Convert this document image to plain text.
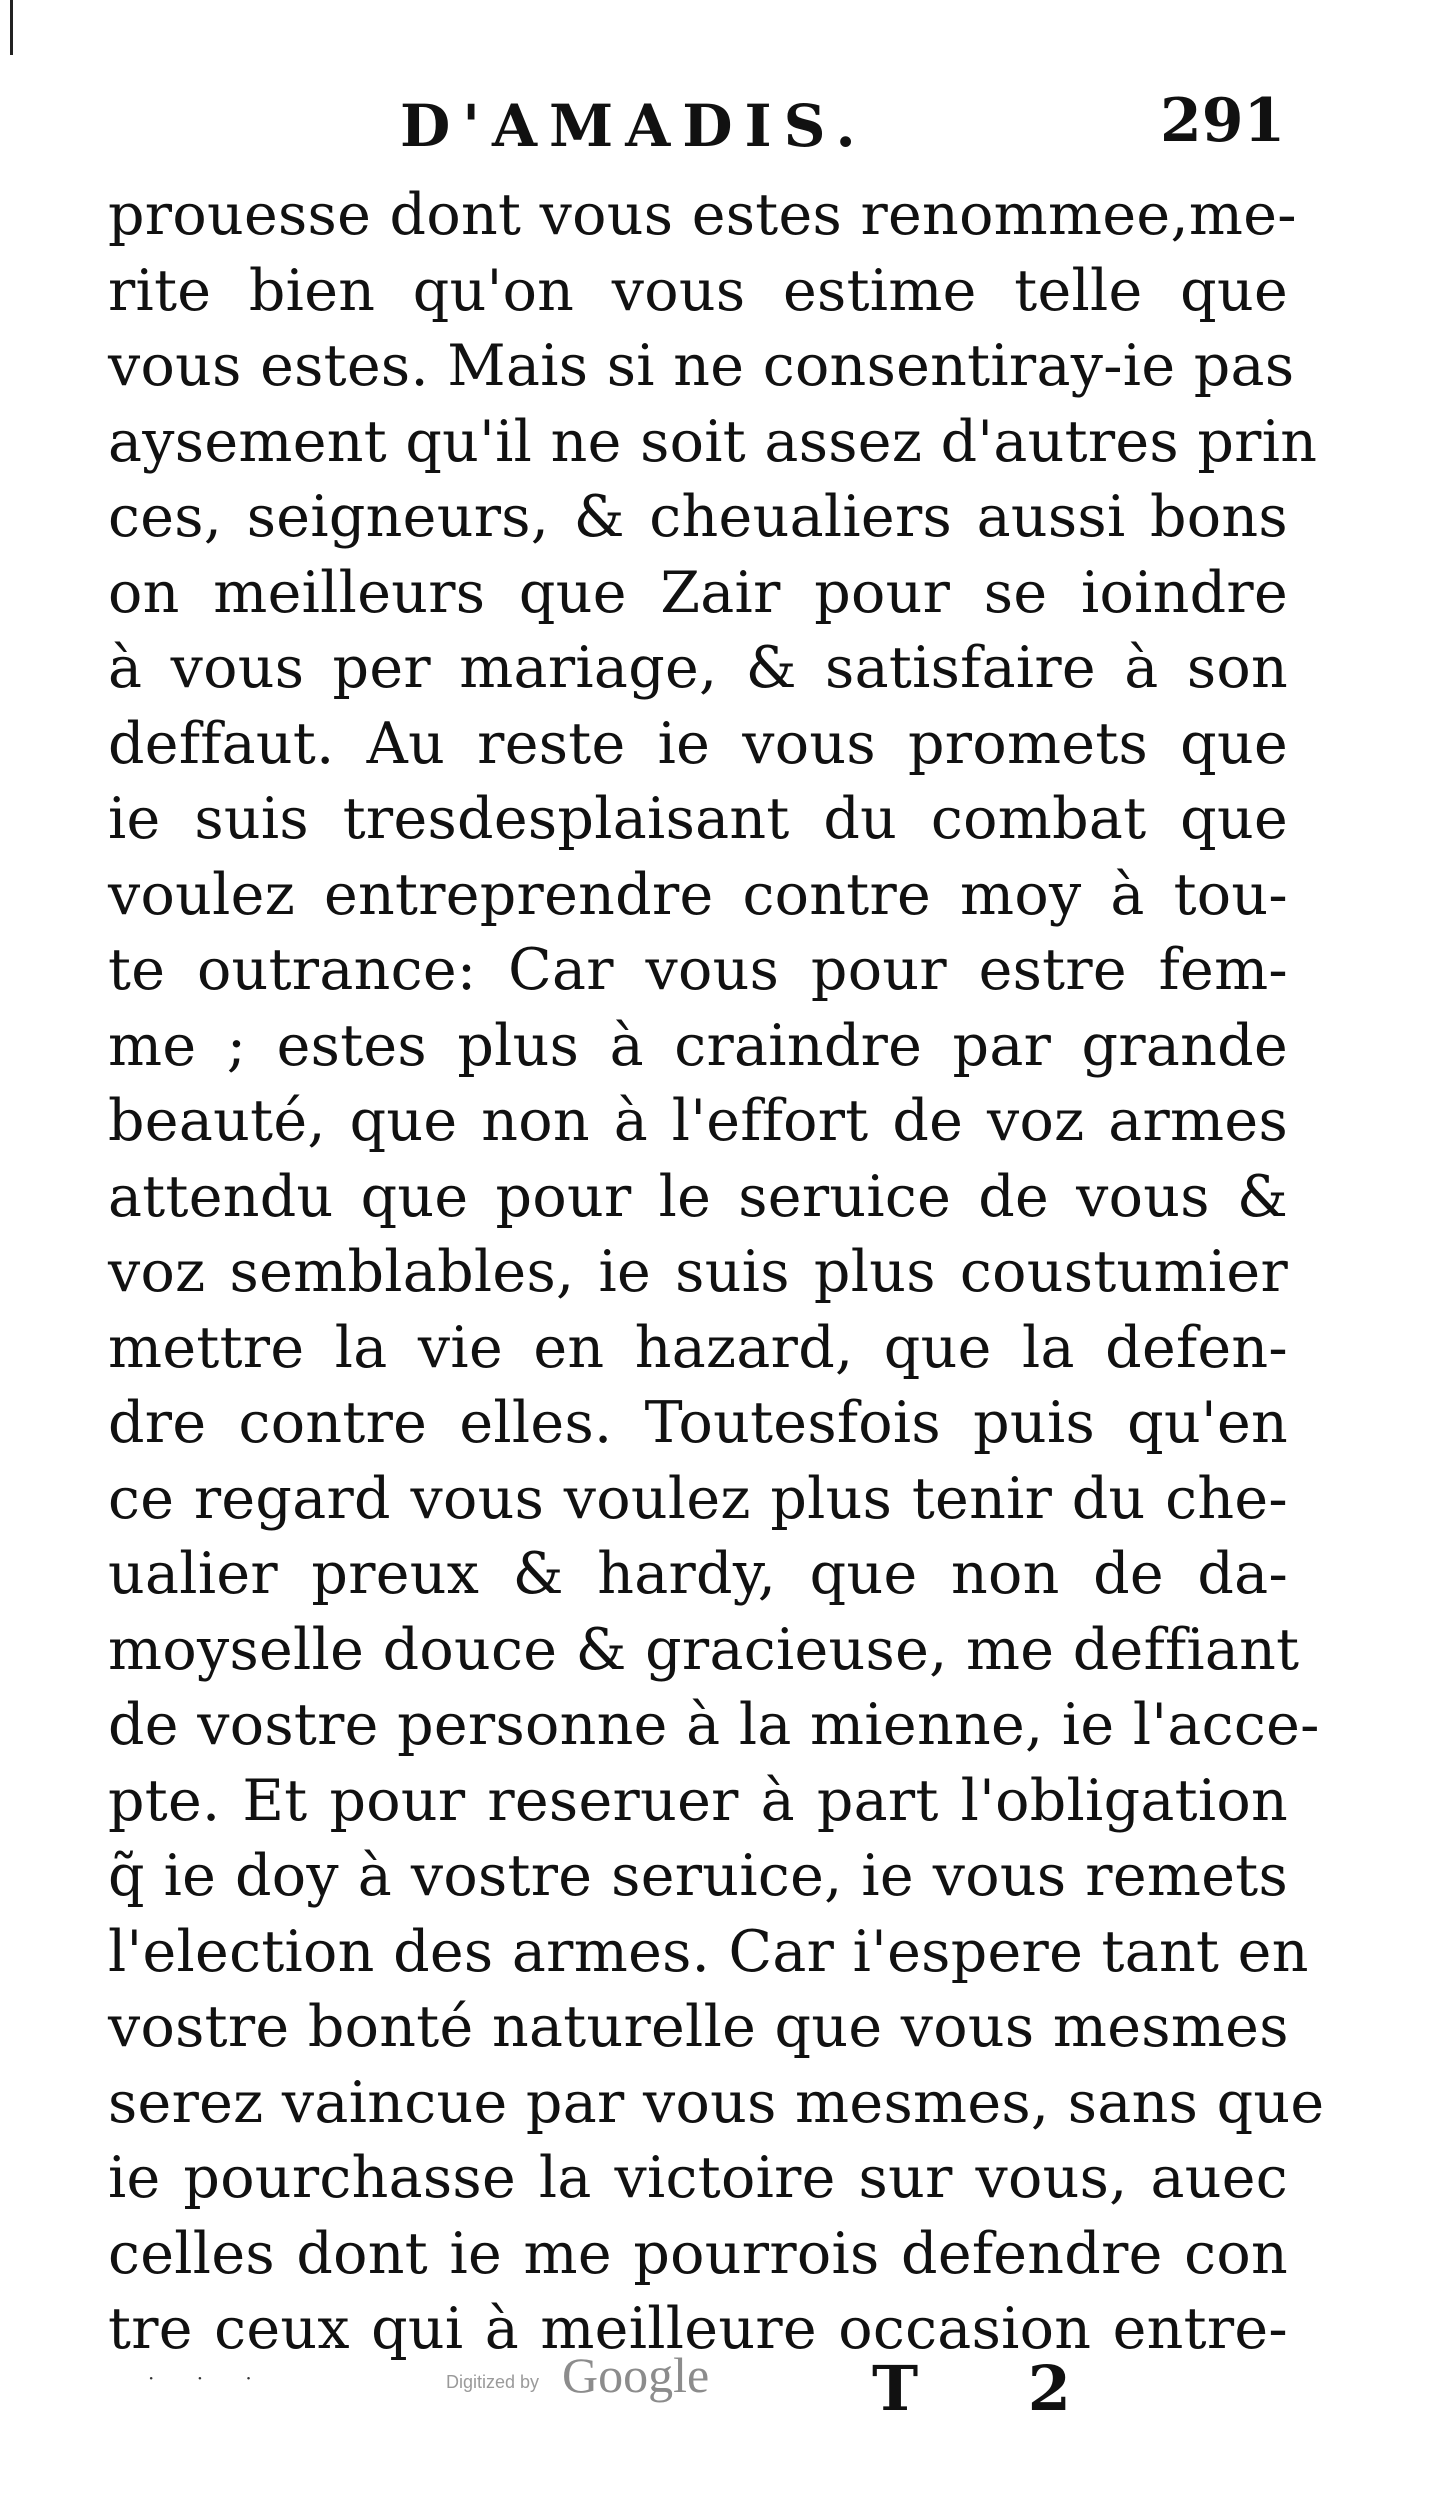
D'AMADIS.	291
prouesse dont vous estes renommee,me-
rite bien qu'on vous estime telle que
vous estes. Mais si ne consentiray-ie pas
aysement qu'il ne soit assez d'autres prin
ces, seigneurs, & cheualiers aussi bons
on meilleurs que Zair pour se ioindre
à vous per mariage, & satisfaire à son
deffaut. Au reste ie vous promets que
ie suis tresdesplaisant du combat que
voulez entreprendre contre moy à tou-
te outrance: Car vous pour estre fem-
me ; estes plus à craindre par grande
beauté, que non à l'effort de voz armes
attendu que pour le seruice de vous &
voz semblables, ie suis plus coustumier
mettre la vie en hazard, que la defen-
dre contre elles. Toutesfois puis qu'en
ce regard vous voulez plus tenir du che-
ualier preux & hardy, que non de da-
moyselle douce & gracieuse, me deffiant
de vostre personne à la mienne, ie l'acce-
pte. Et pour reseruer à part l'obligation
q̃ ie doy à vostre seruice, ie vous remets
l'election des armes. Car i'espere tant en
vostre bonté naturelle que vous mesmes
serez vaincue par vous mesmes, sans que
ie pourchasse la victoire sur vous, auec
celles dont ie me pourrois defendre con
tre ceux qui à meilleure occasion entre-
· · ·	Digitized by Google	T 2
